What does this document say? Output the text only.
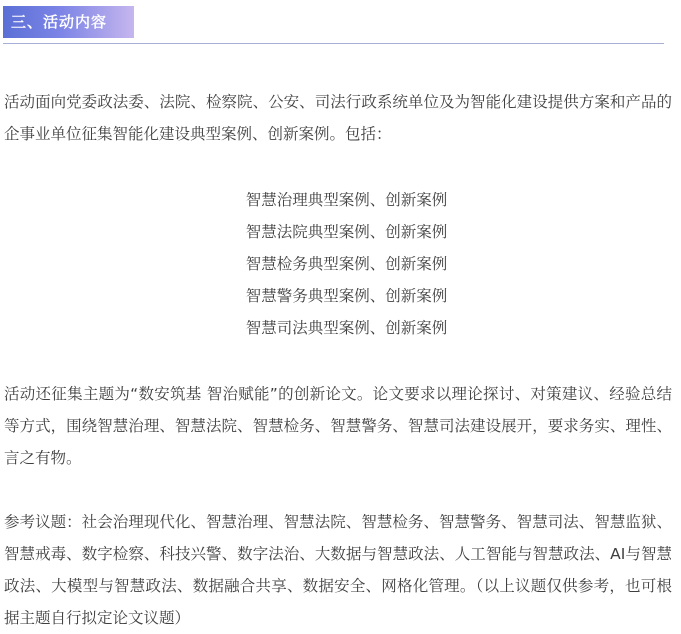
三、活动内容

活动面向党委政法委、法院、检察院、公安、司法行政系统单位及为智能化建设提供方案和产品的企事业单位征集智能化建设典型案例、创新案例。包括：

智慧治理典型案例、创新案例
智慧法院典型案例、创新案例
智慧检务典型案例、创新案例
智慧警务典型案例、创新案例
智慧司法典型案例、创新案例

活动还征集主题为“数安筑基 智治赋能”的创新论文。论文要求以理论探讨、对策建议、经验总结等方式，围绕智慧治理、智慧法院、智慧检务、智慧警务、智慧司法建设展开，要求务实、理性、言之有物。

参考议题：社会治理现代化、智慧治理、智慧法院、智慧检务、智慧警务、智慧司法、智慧监狱、智慧戒毒、数字检察、科技兴警、数字法治、大数据与智慧政法、人工智能与智慧政法、AI与智慧政法、大模型与智慧政法、数据融合共享、数据安全、网格化管理。（以上议题仅供参考，也可根据主题自行拟定论文议题）
